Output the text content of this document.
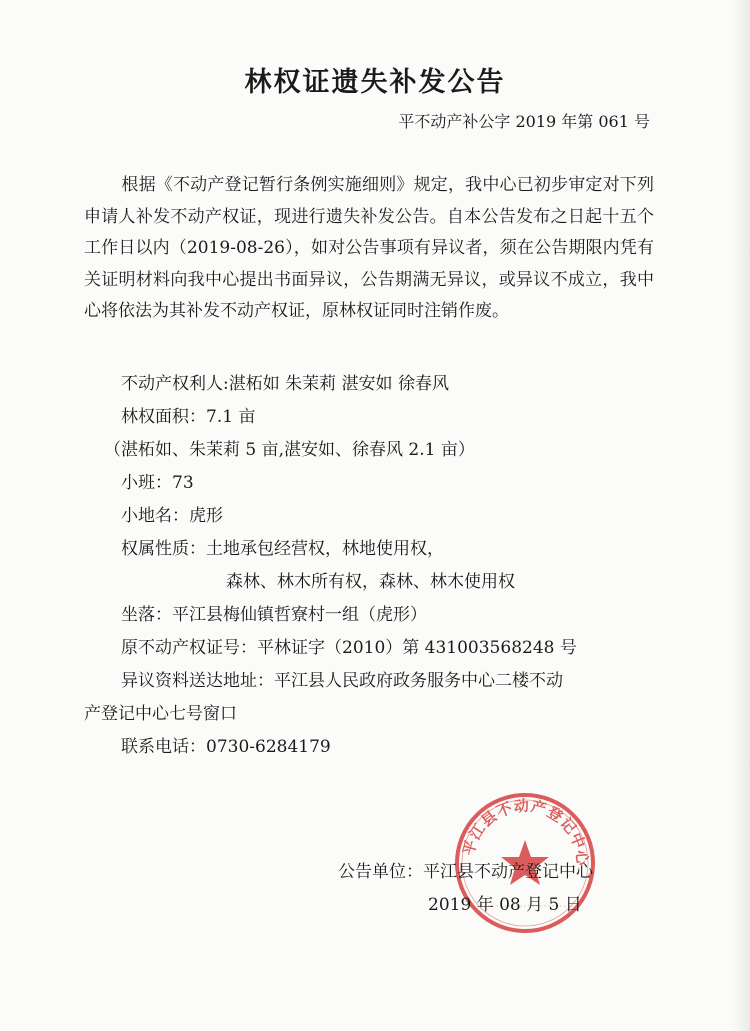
林权证遗失补发公告
平不动产补公字 2019 年第 061 号

根据《不动产登记暂行条例实施细则》规定，我中心已初步审定对下列申请人补发不动产权证，现进行遗失补发公告。自本公告发布之日起十五个工作日以内（2019-08-26），如对公告事项有异议者，须在公告期限内凭有关证明材料向我中心提出书面异议，公告期满无异议，或异议不成立，我中心将依法为其补发不动产权证，原林权证同时注销作废。

不动产权利人:湛柘如 朱茉莉 湛安如 徐春风
林权面积：7.1 亩
（湛柘如、朱茉莉 5 亩,湛安如、徐春风 2.1 亩）
小班：73
小地名：虎形
权属性质：土地承包经营权，林地使用权，
森林、林木所有权，森林、林木使用权
坐落：平江县梅仙镇哲寮村一组（虎形）
原不动产权证号：平林证字（2010）第 431003568248 号
异议资料送达地址：平江县人民政府政务服务中心二楼不动
产登记中心七号窗口
联系电话：0730-6284179
平江县不动产登记中心
公告单位：平江县不动产登记中心
2019 年 08 月 5 日
